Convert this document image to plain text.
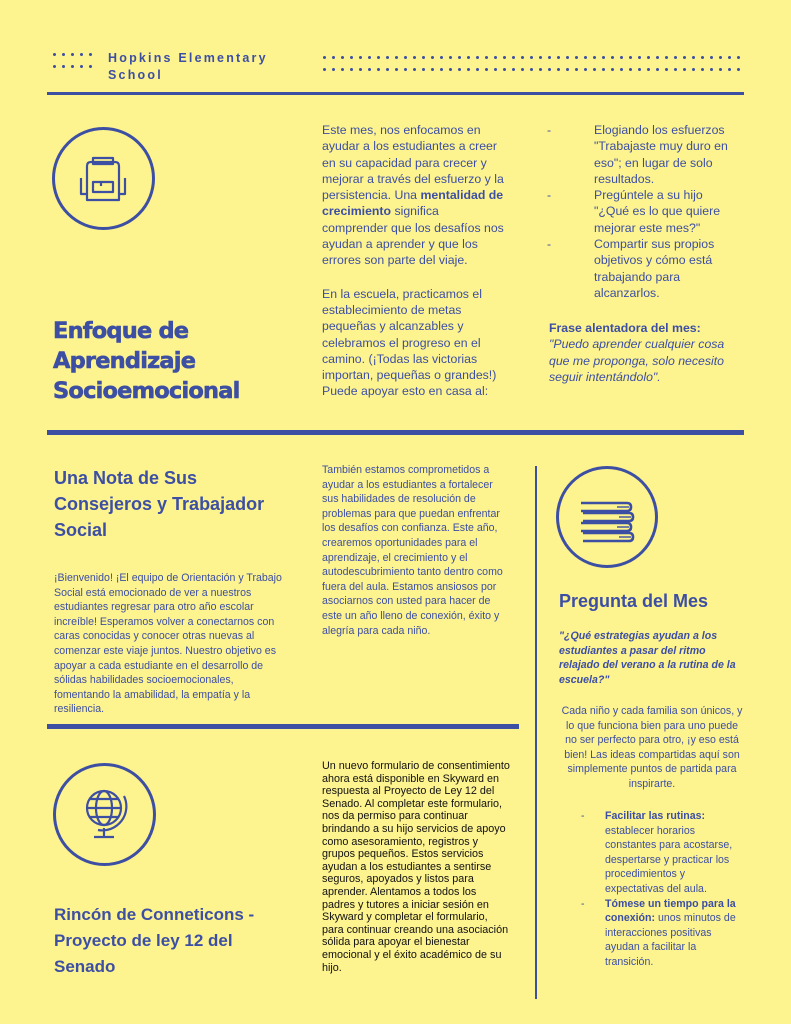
Hopkins Elementary
School
Enfoque de
Aprendizaje
Socioemocional

Este mes, nos enfocamos en ayudar a los estudiantes a creer en su capacidad para crecer y mejorar a través del esfuerzo y la persistencia. Una mentalidad de crecimiento significa comprender que los desafíos nos ayudan a aprender y que los errores son parte del viaje.

En la escuela, practicamos el establecimiento de metas pequeñas y alcanzables y celebramos el progreso en el camino. (¡Todas las victorias importan, pequeñas o grandes!) Puede apoyar esto en casa al:

-	Elogiando los esfuerzos "Trabajaste muy duro en eso"; en lugar de solo resultados.
-	Pregúntele a su hijo "¿Qué es lo que quiere mejorar este mes?"
-	Compartir sus propios objetivos y cómo está trabajando para alcanzarlos.
Frase alentadora del mes: "Puedo aprender cualquier cosa que me proponga, solo necesito seguir intentándolo".
Una Nota de Sus
Consejeros y Trabajador
Social
¡Bienvenido! ¡El equipo de Orientación y Trabajo Social está emocionado de ver a nuestros estudiantes regresar para otro año escolar increíble! Esperamos volver a conectarnos con caras conocidas y conocer otras nuevas al comenzar este viaje juntos. Nuestro objetivo es apoyar a cada estudiante en el desarrollo de sólidas habilidades socioemocionales, fomentando la amabilidad, la empatía y la resiliencia.
También estamos comprometidos a ayudar a los estudiantes a fortalecer sus habilidades de resolución de problemas para que puedan enfrentar los desafíos con confianza. Este año, crearemos oportunidades para el aprendizaje, el crecimiento y el autodescubrimiento tanto dentro como fuera del aula. Estamos ansiosos por asociarnos con usted para hacer de este un año lleno de conexión, éxito y alegría para cada niño.
Pregunta del Mes
"¿Qué estrategias ayudan a los estudiantes a pasar del ritmo relajado del verano a la rutina de la escuela?"
Cada niño y cada familia son únicos, y lo que funciona bien para uno puede no ser perfecto para otro, ¡y eso está bien! Las ideas compartidas aquí son simplemente puntos de partida para inspirarte.
- Facilitar las rutinas: establecer horarios constantes para acostarse, despertarse y practicar los procedimientos y expectativas del aula.
- Tómese un tiempo para la conexión: unos minutos de interacciones positivas ayudan a facilitar la transición.
Rincón de Conneticons -
Proyecto de ley 12 del
Senado
Un nuevo formulario de consentimiento ahora está disponible en Skyward en respuesta al Proyecto de Ley 12 del Senado. Al completar este formulario, nos da permiso para continuar brindando a su hijo servicios de apoyo como asesoramiento, registros y grupos pequeños. Estos servicios ayudan a los estudiantes a sentirse seguros, apoyados y listos para aprender. Alentamos a todos los padres y tutores a iniciar sesión en Skyward y completar el formulario, para continuar creando una asociación sólida para apoyar el bienestar emocional y el éxito académico de su hijo.
